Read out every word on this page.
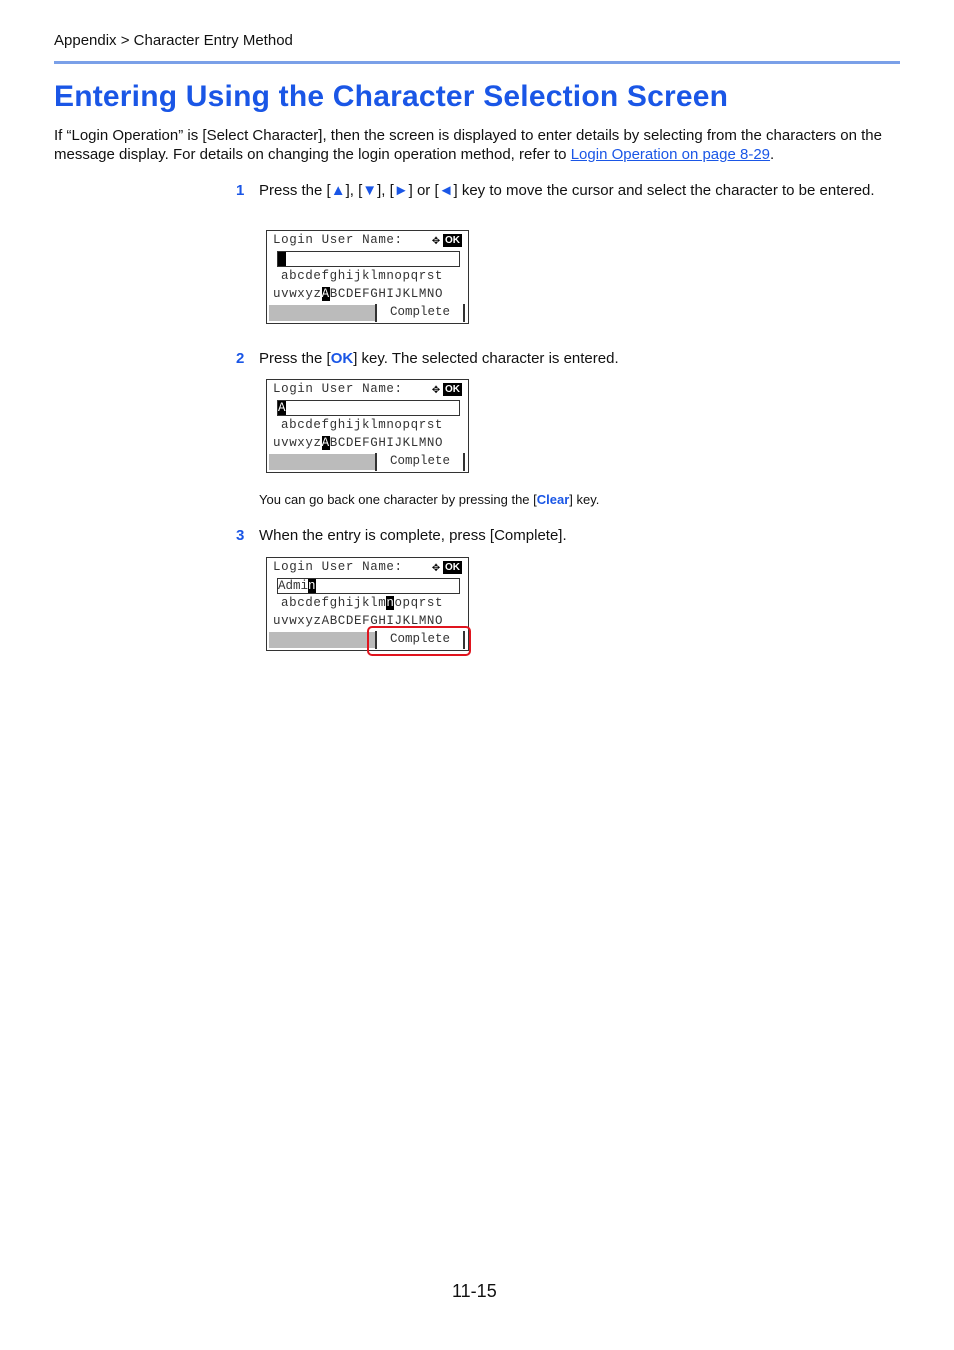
Appendix > Character Entry Method
Entering Using the Character Selection Screen

If “Login Operation” is [Select Character], then the screen is displayed to enter details by selecting from the characters on the message display. For details on changing the login operation method, refer to Login Operation on page 8-29.

1 Press the [▲], [▼], [►] or [◄] key to move the cursor and select the character to be entered.
Login User Name: ✥ OK

abcdefghijklmnopqrst
uvwxyzABCDEFGHIJKLMNO
Complete
2 Press the [OK] key. The selected character is entered.
Login User Name: ✥ OK
A
abcdefghijklmnopqrst
uvwxyzABCDEFGHIJKLMNO
Complete
You can go back one character by pressing the [Clear] key.
3 When the entry is complete, press [Complete].
Login User Name: ✥ OK
Admin
abcdefghijklmnopqrst
uvwxyzABCDEFGHIJKLMNO
Complete
11-15
